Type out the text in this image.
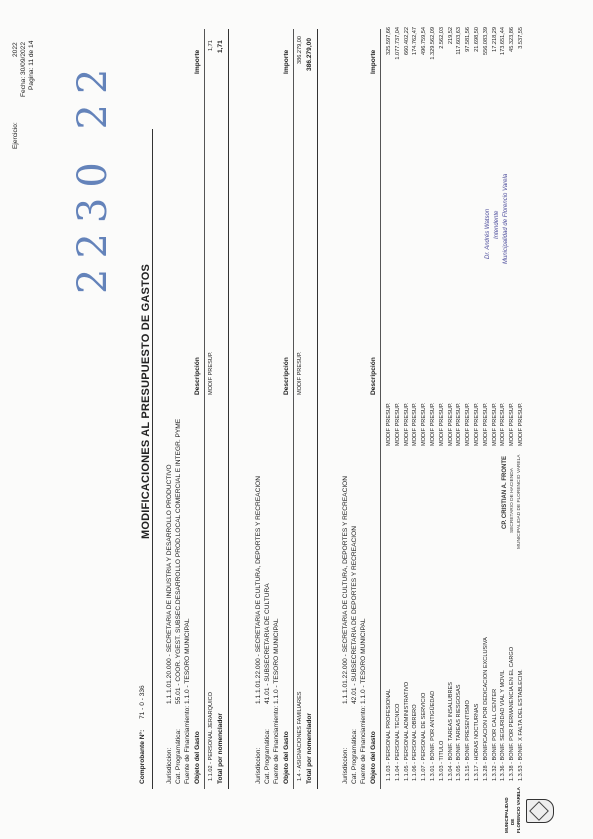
MUNICIPALIDAD DE FLORENCIO VARELA
MODIFICACIONES AL PRESUPUESTO DE GASTOS
Ejercicio:
2022 Fecha: 30/09/2022 Pagina: 11 de 14 2230 22
Comprobante N°:
71 - 0 - 336
Jurisdiccion:
1.1.1.01.20.000 - SECRETARIA DE INDUSTRIA Y DESARROLLO PRODUCTIVO
Cat. Programática:
55.01 - COOR. YGEST. SUBSEC.DESARROLLO PROD.LOCAL COMERCIAL E INTEGR. PYME
Fuente de Financiamiento:
1.1.0 - TESORO MUNICIPAL
Objeto del Gasto
Descripción
Importe
1.1.02 - PERSONAL JERARQUICO
MODIF PRESUP.
1,71
Total por nomenclador
1,71
Jurisdiccion:
1.1.1.01.22.000 - SECRETARIA DE CULTURA, DEPORTES Y RECREACION
Cat. Programática:
41.01 - SUBSECRETARIA DE CULTURA
Fuente de Financiamiento:
1.1.0 - TESORO MUNICIPAL
Objeto del Gasto
Descripción
Importe
1.4 - ASIGNACIONES FAMILIARES
MODIF PRESUP.
386.279,00
Total por nomenclador
386.279,00
Jurisdiccion:
1.1.1.01.22.000 - SECRETARIA DE CULTURA, DEPORTES Y RECREACION
Cat. Programática:
42.01 - SUBSECRETARIA DE DEPORTES Y RECREACION
Fuente de Financiamiento:
1.1.0 - TESORO MUNICIPAL
Objeto del Gasto
Descripción
Importe
1.1.03 - PERSONAL PROFESIONAL
MODIF PRESUP.
325.597,66
1.1.04 - PERSONAL TECNICO
MODIF PRESUP.
1.077.737,04
1.1.05 - PERSONAL ADMINISTRATIVO
MODIF PRESUP.
660.402,22
1.1.06 - PERSONAL OBRERO
MODIF PRESUP.
174.762,47
1.1.07 - PERSONAL DE SERVICIO
MODIF PRESUP.
496.759,54
1.3.01 - BONIF. POR ANTIGÜEDAD
MODIF PRESUP.
1.329.562,09
1.3.03 - TITULO
MODIF PRESUP.
2.562,03
1.3.04 - BONIF. TAREAS INSALUBRES
MODIF PRESUP.
219,52
1.3.05 - BONIF. TAREAS RIESGOSAS
MODIF PRESUP.
117.603,63
1.3.15 - BONIF. PRESENTISMO
MODIF PRESUP.
97.581,56
1.3.17 - HORAS NOCTURNAS
MODIF PRESUP.
21.698,50
1.3.28 - BONIFICACION POR DEDICACION EXCLUSIVA
MODIF PRESUP.
556.083,39
1.3.32 - BONIF. POR CALL CENTER
MODIF PRESUP.
17.218,29
1.3.36 - BONIF. SEGURIDAD VIAL Y MOVIL
MODIF PRESUP.
173.651,44
1.3.38 - BONIF. POR PERMANENCIA EN EL CARGO
MODIF PRESUP.
45.323,86
1.3.53 - BONIF. X FALTA DEL ESTABLECIM.
MODIF PRESUP.
3.537,55
CP. CRISTIAN A. FRONTE SECRETARIO DE HACIENDA MUNICIPALIDAD DE FLORENCIO VARELA
Dr. Andrés Watson Intendente Municipalidad de Florencio Varela
